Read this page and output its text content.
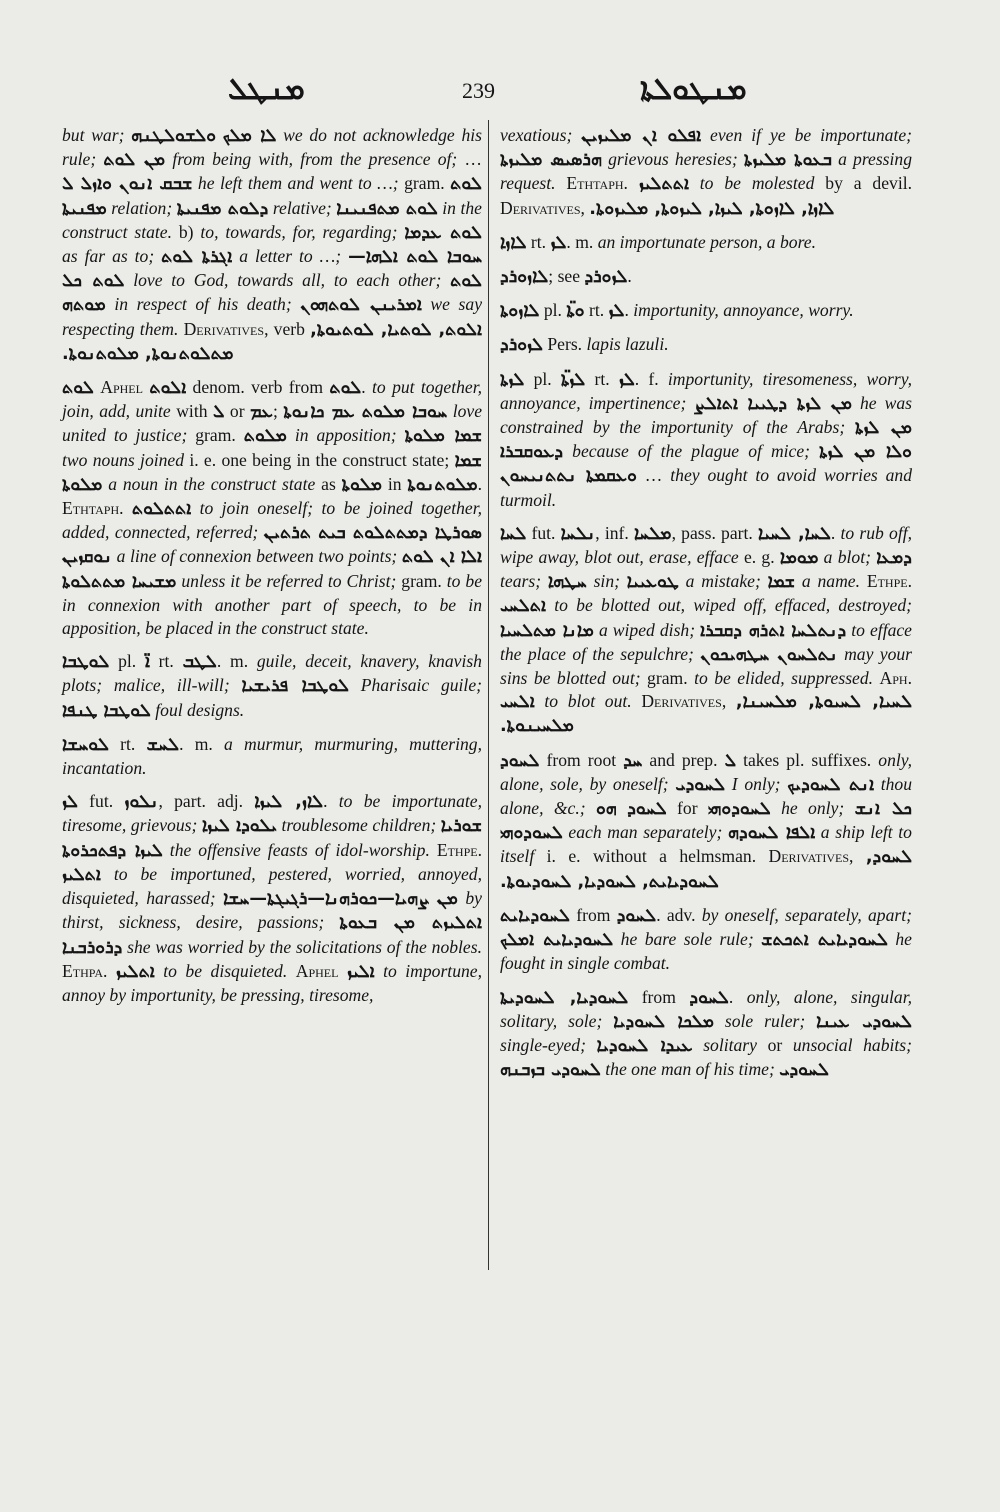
ܡܢܛܠ	239	ܡܢܛܘܠܬܐ

but war; ܘܠܫܘܠܛܢܗ ܠܐ ܡܠܟ we do not acknowledge his rule; ܡܢ ܠܘܬ from being with, from the presence of; … ܫܒܩ ܐܢܘܢ ܘܐܙܠ ܠ he left them and went to …; gram. ܠܘܬ ܡܦܢܝܬܐ relation; ܕܠܘܬ ܡܦܢܝܬܐ relative; ܠܘܬ ܡܬܦܢܝܢܐ in the construct state. b) to, towards, for, regarding; ܠܘܬ ܥܕܡܐ as far as to; ܐܓܪܬܐ ܠܘܬ a letter to …; ܚܘܒܐ ܠܘܬ ܐܠܗܐ—ܠܘܬ ܟܠ love to God, towards all, to each other; ܠܘܬ ܡܘܬܗ in respect of his death; ܐܡܪܝܢܢ ܠܘܬܗܘܢ we say respecting them. Derivatives, verb ܐܠܘܬ, ܠܘܬܝܐ, ܠܘܬܝܘܬܐ, ܡܬܠܘܬܢܘܬܐ, ܡܠܘܬܢܘܬܐ.

ܠܘܬ Aphel ܐܠܘܬ denom. verb from ܠܘܬ. to put together, join, add, unite with ܠ or ܥܡ; ܚܘܒܐ ܡܠܘܬ ܥܡ ܟܐܢܘܬܐ love united to justice; gram. ܡܠܘܬ in apposition; ܫܡܐ ܡܠܘܬܐ two nouns joined i. e. one being in the construct state; ܫܡܐ ܡܠܘܬܐ a noun in the construct state as ܡܠܘܬܐ in ܡܠܘܬܢܘܬܐ. Ethtaph. ܐܬܬܠܘܬ to join oneself; to be joined together, added, connected, referred; ܣܘܪܛܐ ܕܡܬܬܠܘܬ ܒܝܬ ܬܪܬܝܢ ܢܘܩܙܝܢ a line of connexion between two points; ܐܠܐ ܐܢ ܠܘܬ ܡܫܝܚܐ ܡܬܬܠܘܬܐ unless it be referred to Christ; gram. to be in connexion with another part of speech, to be in apposition, be placed in the construct state.

ܠܘܛܒܐ pl. ܐ̈ rt. ܠܛܒ. m. guile, deceit, knavery, knavish plots; malice, ill-will; ܠܘܛܒܐ ܦܪܝܫܝܐ Pharisaic guile; ܠܘܛܒܐ ܛܢܦܐ foul designs.

ܠܘܚܫܐ rt. ܠܚܫ. m. a murmur, murmuring, muttering, incantation.

ܠܙ fut. ܢܠܘܙ, part. adj. ܠܐܙ, ܠܝܙܐ. to be importunate, tiresome, grievous; ܝܠܘܕܐ ܠܝܙܐ troublesome children; ܫܘܪܝܐ ܠܝܙܐ ܕܦܬܟܪܘܬܐ the offensive feasts of idol-worship. Ethpe. ܐܬܠܝܙ to be importuned, pestered, worried, annoyed, disquieted, harassed; ܡܢ ܨܗܝܐ—ܟܘܪܗܢܐ—ܪܓܝܓܬܐ—ܚܫܐ by thirst, sickness, desire, passions; ܐܬܠܝܙܬ ܡܢ ܒܥܘܬܐ ܕܪܘܪܒܢܐ she was worried by the solicitations of the nobles. Ethpa. ܐܬܠܝܙ to be disquieted. Aphel ܐܠܝܙ to importune, annoy by importunity, be pressing, tiresome,

vexatious; ܐܦܠܘ ܐܢ ܡܠܝܙܝܢ even if ye be importunate; ܗܪܣܝܣ ܡܠܝܙܬܐ grievous heresies; ܒܥܘܬܐ ܡܠܝܙܬܐ a pressing request. Ethtaph. ܐܬܬܠܝܙ to be molested by a devil. Derivatives, ܠܐܙܐ, ܠܐܙܘܬܐ, ܠܝܙܐ, ܠܝܙܘܬܐ, ܡܠܝܙܘܬܐ.

ܠܐܙܐ rt. ܠܙ. m. an importunate person, a bore.

ܠܐܙܘܪܕ; see ܠܙܘܪܕ.

ܠܐܙܘܬܐ pl. ܘܬܐ̈ rt. ܠܙ. importunity, annoyance, worry.

ܠܙܘܪܕ Pers. lapis lazuli.

ܠܙܬܐ pl. ܠܙܬܐ̈ rt. ܠܙ. f. importunity, tiresomeness, worry, annoyance, impertinence; ܡܢ ܠܙܬܐ ܕܛܝܝܐ ܐܬܐܠܨ he was constrained by the importunity of the Arabs; ܡܢ ܠܙܬܐ ܕܥܘܩܒܪܐ because of the plague of mice; ܘܠܐ ܡܢ ܠܙܬܐ ܘܥܩܡܬܐ ܢܬܬܢܝܚܘܢ … they ought to avoid worries and turmoil.

ܠܚܐ fut. ܢܠܚܐ, inf. ܡܠܚܐ, pass. part. ܠܚܐ, ܠܚܝܐ. to rub off, wipe away, blot out, erase, efface e. g. ܡܘܡܐ a blot; ܕܡܥܐ tears; ܚܛܗܐ sin; ܛܘܥܝܝܐ a mistake; ܫܡܐ a name. Ethpe. ܐܬܠܚܝ to be blotted out, wiped off, effaced, destroyed; ܡܐܢܐ ܡܬܠܚܝܐ a wiped dish; ܕܢܬܠܚܐ ܐܬܪܗ ܕܩܒܪܐ to efface the place of the sepulchre; ܢܬܠܚܘܢ ܚܛܗܝܟܘܢ may your sins be blotted out; gram. to be elided, suppressed. Aph. ܐܠܚܝ to blot out. Derivatives, ܠܚܝܐ, ܠܚܝܘܬܐ, ܡܠܚܝܢܐ, ܡܠܚܝܢܘܬܐ.

ܠܚܘܕ from root ܚܕ and prep. ܠ takes pl. suffixes. only, alone, sole, by oneself; ܠܚܘܕܝ I only; ܐܢܬ ܠܚܘܕܝܟ thou alone, &c.; ܗܘ ܠܚܘܕ for ܠܚܘܕܘܗܝ he only; ܟܠ ܐܢܫ ܠܚܘܕܘܗܝ each man separately; ܐܠܦܐ ܠܚܘܕܗ a ship left to itself i. e. without a helmsman. Derivatives, ܠܚܘܕ, ܠܚܘܕܝܐܝܬ, ܠܚܘܕܝܐ, ܠܚܘܕܝܘܬܐ.

ܠܚܘܕܝܐܝܬ from ܠܚܘܕ. adv. by oneself, separately, apart; ܠܚܘܕܝܐܝܬ ܐܡܠܟ he bare sole rule; ܠܚܘܕܝܐܝܬ ܐܬܟܬܫ he fought in single combat.

ܠܚܘܕܝܐ, ܠܚܘܕܝܬܐ from ܠܚܘܕ. only, alone, singular, solitary, sole; ܡܠܟܐ ܠܚܘܕܝܐ sole ruler; ܠܚܘܕܝ ܥܝܢܐ single-eyed; ܥܝܕܐ ܠܚܘܕܝܐ solitary or unsocial habits; ܠܚܘܕܝ ܒܙܒܢܗ the one man of his time; ܠܚܘܕܝ
